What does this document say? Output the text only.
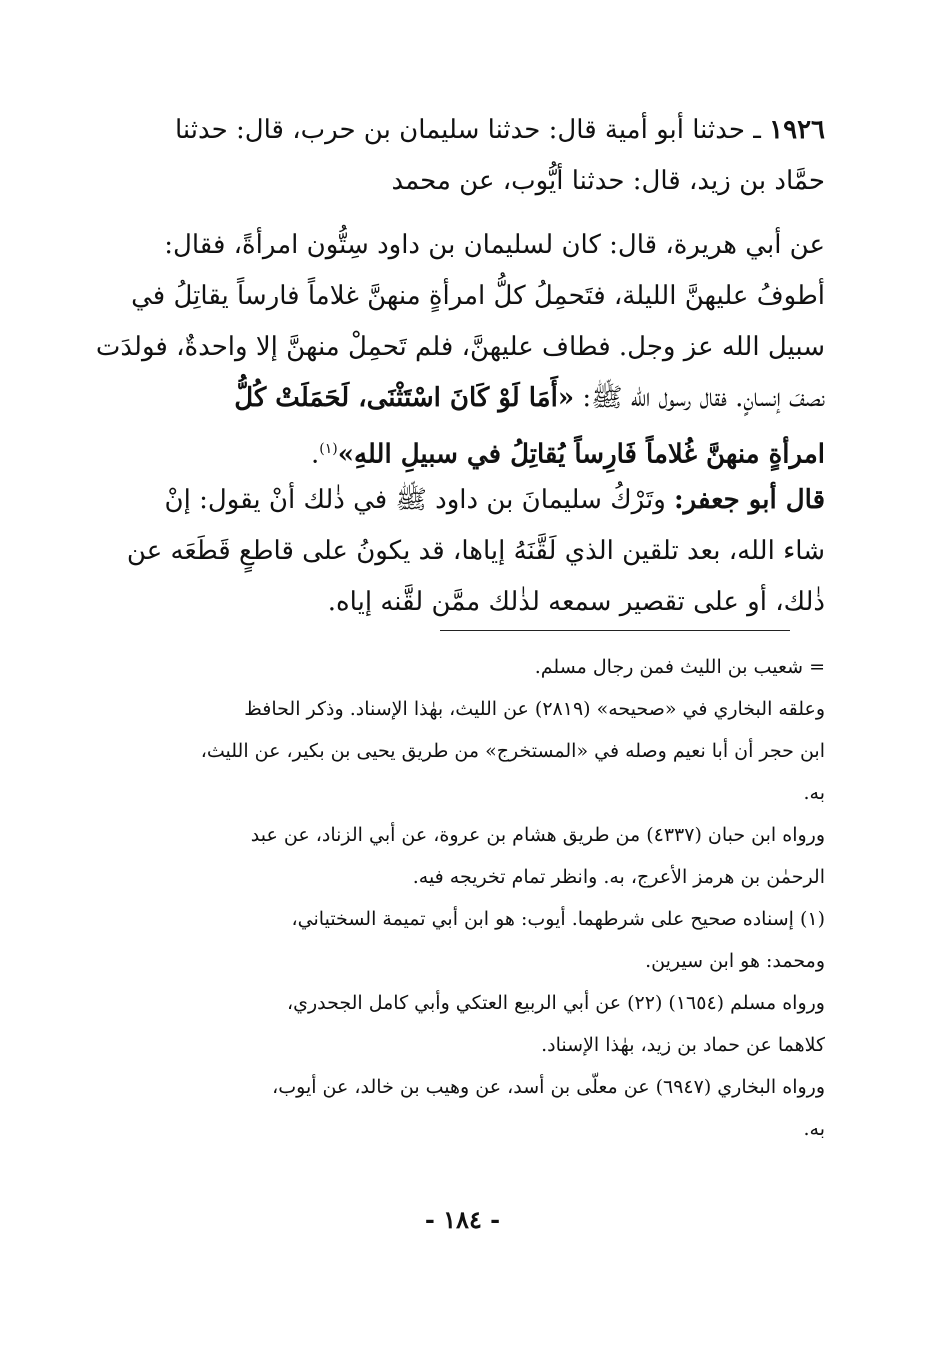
١٩٢٦ ـ حدثنا أبو أمية قال: حدثنا سليمان بن حرب، قال: حدثنا
حمَّاد بن زيد، قال: حدثنا أيُّوب، عن محمد
عن أبي هريرة، قال: كان لسليمان بن داود سِتُّون امرأةً، فقال:
أطوفُ عليهنَّ الليلة، فتَحمِلُ كلُّ امرأةٍ منهنَّ غلاماً فارساً يقاتِلُ في
سبيل الله عز وجل. فطاف عليهنَّ، فلم تَحمِلْ منهنَّ إلا واحدةٌ، فولدَت
نصفَ إنسانٍ. فقال رسول الله ﷺ: «أَمَا لَوْ كَانَ اسْتَثْنَى، لَحَمَلَتْ كُلُّ
امرأةٍ منهنَّ غُلاماً فَارِساً يُقاتِلُ في سبيلِ اللهِ»$^{(١)}$.
قال أبو جعفر: وتَرْكُ سليمانَ بن داود ﷺ في ذٰلك أنْ يقول: إنْ
شاء الله، بعد تلقين الذي لَقَّنَهُ إياها، قد يكونُ على قاطعٍ قَطَعَه عن
ذٰلك، أو على تقصير سمعه لذٰلك ممَّن لقَّنه إياه.
= شعيب بن الليث فمن رجال مسلم.
وعلقه البخاري في «صحيحه» (٢٨١٩) عن الليث، بهٰذا الإسناد. وذكر الحافظ
ابن حجر أن أبا نعيم وصله في «المستخرج» من طريق يحيى بن بكير، عن الليث،
به.
ورواه ابن حبان (٤٣٣٧) من طريق هشام بن عروة، عن أبي الزناد، عن عبد
الرحمٰن بن هرمز الأعرج، به. وانظر تمام تخريجه فيه.
(١) إسناده صحيح على شرطهما. أيوب: هو ابن أبي تميمة السختياني،
ومحمد: هو ابن سيرين.
ورواه مسلم (١٦٥٤) (٢٢) عن أبي الربيع العتكي وأبي كامل الجحدري،
كلاهما عن حماد بن زيد، بهٰذا الإسناد.
ورواه البخاري (٦٩٤٧) عن معلّى بن أسد، عن وهيب بن خالد، عن أيوب،
به.
- ١٨٤ -
